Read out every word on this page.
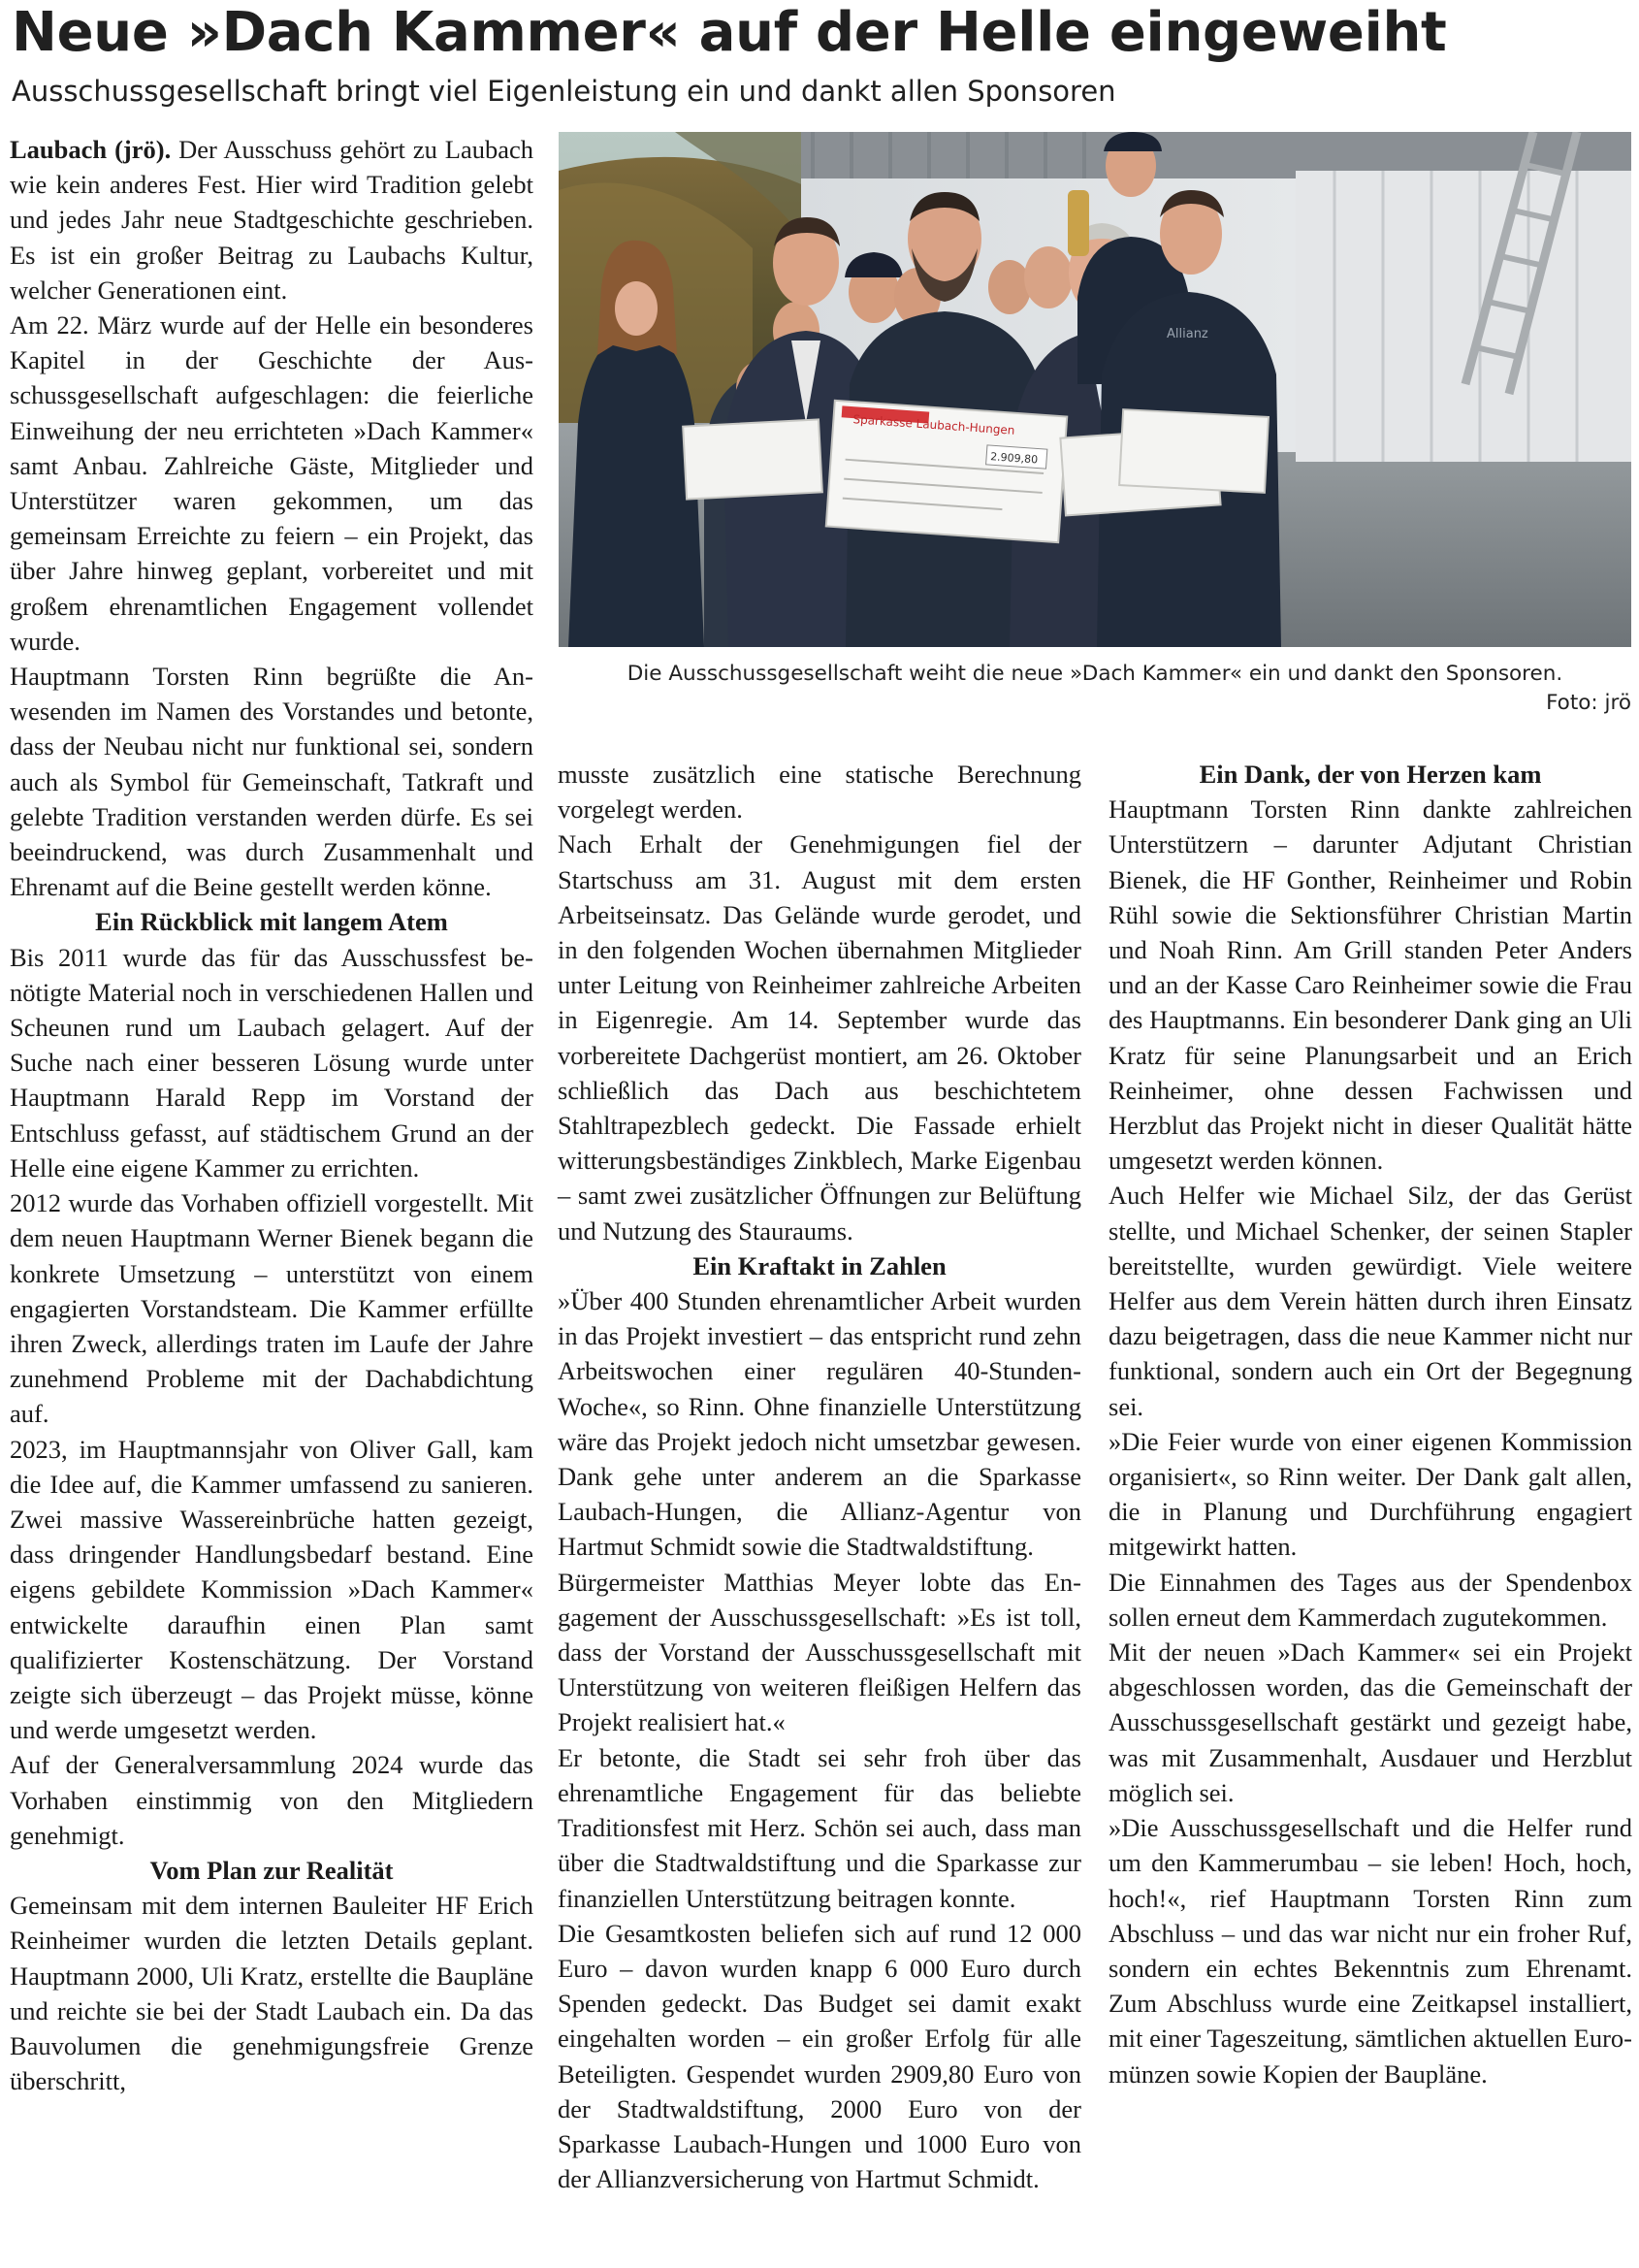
Neue »Dach Kammer« auf der Helle eingeweiht
Ausschussgesellschaft bringt viel Eigenleistung ein und dankt allen Sponsoren
Allianz
Sparkasse Laubach-Hungen
2.909,80
Die Ausschussgesellschaft weiht die neue »Dach Kammer« ein und dankt den Sponsoren.
Foto: jrö

Laubach (jrö). Der Ausschuss gehört zu Laubach wie kein anderes Fest. Hier wird Tradition gelebt und jedes Jahr neue Stadtgeschichte geschrieben. Es ist ein großer Beitrag zu Laubachs Kultur, welcher Generationen eint.

Am 22. März wurde auf der Helle ein besonderes Kapitel in der Geschichte der Ausschussgesellschaft aufgeschlagen: die feierliche Einweihung der neu errichteten »Dach Kammer« samt Anbau. Zahlreiche Gäste, Mitglieder und Unterstützer waren gekommen, um das gemeinsam Erreichte zu feiern – ein Projekt, das über Jahre hinweg geplant, vorbereitet und mit großem ehrenamtlichen Engagement vollendet wurde.

Hauptmann Torsten Rinn begrüßte die Anwesenden im Namen des Vorstandes und betonte, dass der Neubau nicht nur funktional sei, sondern auch als Symbol für Gemeinschaft, Tatkraft und gelebte Tradition verstanden werden dürfe. Es sei beeindruckend, was durch Zusammenhalt und Ehrenamt auf die Beine gestellt werden könne.

Ein Rückblick mit langem Atem

Bis 2011 wurde das für das Ausschussfest benötigte Material noch in verschiedenen Hallen und Scheunen rund um Laubach gelagert. Auf der Suche nach einer besseren Lösung wurde unter Hauptmann Harald Repp im Vorstand der Entschluss gefasst, auf städtischem Grund an der Helle eine eigene Kammer zu errichten.

2012 wurde das Vorhaben offiziell vorgestellt. Mit dem neuen Hauptmann Werner Bienek begann die konkrete Umsetzung – unterstützt von einem engagierten Vorstandsteam. Die Kammer erfüllte ihren Zweck, allerdings traten im Laufe der Jahre zunehmend Probleme mit der Dachabdichtung auf.

2023, im Hauptmannsjahr von Oliver Gall, kam die Idee auf, die Kammer umfassend zu sanieren. Zwei massive Wassereinbrüche hatten gezeigt, dass dringender Handlungsbedarf bestand. Eine eigens gebildete Kommission »Dach Kammer« entwickelte daraufhin einen Plan samt qualifizierter Kostenschätzung. Der Vorstand zeigte sich überzeugt – das Projekt müsse, könne und werde umgesetzt werden.

Auf der Generalversammlung 2024 wurde das Vorhaben einstimmig von den Mitgliedern genehmigt.

Vom Plan zur Realität

Gemeinsam mit dem internen Bauleiter HF Erich Reinheimer wurden die letzten Details geplant. Hauptmann 2000, Uli Kratz, erstellte die Baupläne und reichte sie bei der Stadt Laubach ein. Da das Bauvolumen die genehmigungsfreie Grenze überschritt,

musste zusätzlich eine statische Berechnung vorgelegt werden.

Nach Erhalt der Genehmigungen fiel der Startschuss am 31. August mit dem ersten Arbeitseinsatz. Das Gelände wurde gerodet, und in den folgenden Wochen übernahmen Mitglieder unter Leitung von Reinheimer zahlreiche Arbeiten in Eigenregie. Am 14. September wurde das vorbereitete Dachgerüst montiert, am 26. Oktober schließlich das Dach aus beschichtetem Stahltrapezblech gedeckt. Die Fassade erhielt witterungsbeständiges Zinkblech, Marke Eigenbau – samt zwei zusätzlicher Öffnungen zur Belüftung und Nutzung des Stauraums.

Ein Kraftakt in Zahlen

»Über 400 Stunden ehrenamtlicher Arbeit wurden in das Projekt investiert – das entspricht rund zehn Arbeitswochen einer regulären 40-Stunden-Woche«, so Rinn. Ohne finanzielle Unterstützung wäre das Projekt jedoch nicht umsetzbar gewesen. Dank gehe unter anderem an die Sparkasse Laubach-Hungen, die Allianz-Agentur von Hartmut Schmidt sowie die Stadtwaldstiftung.

Bürgermeister Matthias Meyer lobte das Engagement der Ausschussgesellschaft: »Es ist toll, dass der Vorstand der Ausschussgesellschaft mit Unterstützung von weiteren fleißigen Helfern das Projekt realisiert hat.«

Er betonte, die Stadt sei sehr froh über das ehrenamtliche Engagement für das beliebte Traditionsfest mit Herz. Schön sei auch, dass man über die Stadtwaldstiftung und die Sparkasse zur finanziellen Unterstützung beitragen konnte.

Die Gesamtkosten beliefen sich auf rund 12 000 Euro – davon wurden knapp 6 000 Euro durch Spenden gedeckt. Das Budget sei damit exakt eingehalten worden – ein großer Erfolg für alle Beteiligten. Gespendet wurden 2909,80 Euro von der Stadtwaldstiftung, 2000 Euro von der Sparkasse Laubach-Hungen und 1000 Euro von der Allianzversicherung von Hartmut Schmidt.

Ein Dank, der von Herzen kam

Hauptmann Torsten Rinn dankte zahlreichen Unterstützern – darunter Adjutant Christian Bienek, die HF Gonther, Reinheimer und Robin Rühl sowie die Sektionsführer Christian Martin und Noah Rinn. Am Grill standen Peter Anders und an der Kasse Caro Reinheimer sowie die Frau des Hauptmanns. Ein besonderer Dank ging an Uli Kratz für seine Planungsarbeit und an Erich Reinheimer, ohne dessen Fachwissen und Herzblut das Projekt nicht in dieser Qualität hätte umgesetzt werden können.

Auch Helfer wie Michael Silz, der das Gerüst stellte, und Michael Schenker, der seinen Stapler bereitstellte, wurden gewürdigt. Viele weitere Helfer aus dem Verein hätten durch ihren Einsatz dazu beigetragen, dass die neue Kammer nicht nur funktional, sondern auch ein Ort der Begegnung sei.

»Die Feier wurde von einer eigenen Kommission organisiert«, so Rinn weiter. Der Dank galt allen, die in Planung und Durchführung engagiert mitgewirkt hatten.

Die Einnahmen des Tages aus der Spendenbox sollen erneut dem Kammerdach zugutekommen.

Mit der neuen »Dach Kammer« sei ein Projekt abgeschlossen worden, das die Gemeinschaft der Ausschussgesellschaft gestärkt und gezeigt habe, was mit Zusammenhalt, Ausdauer und Herzblut möglich sei.

»Die Ausschussgesellschaft und die Helfer rund um den Kammerumbau – sie leben! Hoch, hoch, hoch!«, rief Hauptmann Torsten Rinn zum Abschluss – und das war nicht nur ein froher Ruf, sondern ein echtes Bekenntnis zum Ehrenamt. Zum Abschluss wurde eine Zeitkapsel installiert, mit einer Tageszeitung, sämtlichen aktuellen Euromünzen sowie Kopien der Baupläne.
